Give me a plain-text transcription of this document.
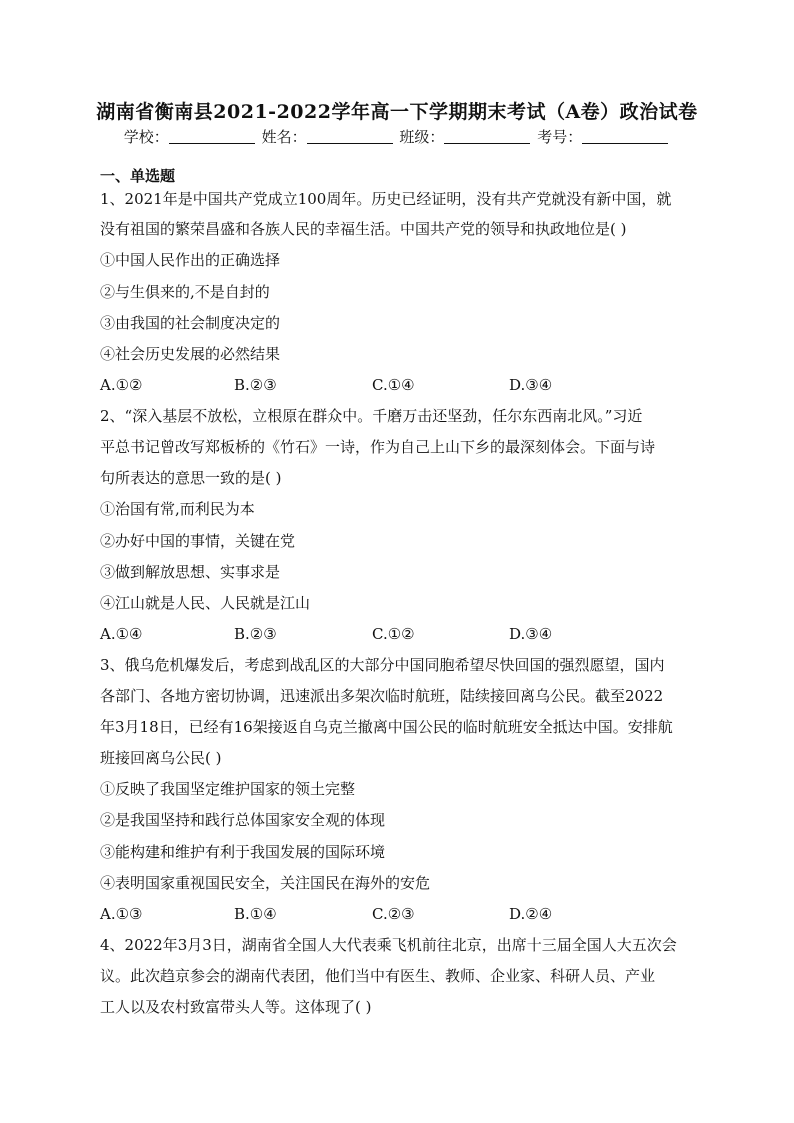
湖南省衡南县2021-2022学年高一下学期期末考试（A卷）政治试卷
学校：	姓名：	班级：	考号：
一、单选题
1、2021年是中国共产党成立100周年。历史已经证明，没有共产党就没有新中国，就
没有祖国的繁荣昌盛和各族人民的幸福生活。中国共产党的领导和执政地位是( )
①中国人民作出的正确选择
②与生俱来的,不是自封的
③由我国的社会制度决定的
④社会历史发展的必然结果
A.①②	B.②③	C.①④	D.③④
2、“深入基层不放松，立根原在群众中。千磨万击还坚劲，任尔东西南北风。”习近
平总书记曾改写郑板桥的《竹石》一诗，作为自己上山下乡的最深刻体会。下面与诗
句所表达的意思一致的是( )
①治国有常,而利民为本
②办好中国的事情，关键在党
③做到解放思想、实事求是
④江山就是人民、人民就是江山
A.①④	B.②③	C.①②	D.③④
3、俄乌危机爆发后，考虑到战乱区的大部分中国同胞希望尽快回国的强烈愿望，国内
各部门、各地方密切协调，迅速派出多架次临时航班，陆续接回离乌公民。截至2022
年3月18日，已经有16架接返自乌克兰撤离中国公民的临时航班安全抵达中国。安排航
班接回离乌公民( )
①反映了我国坚定维护国家的领土完整
②是我国坚持和践行总体国家安全观的体现
③能构建和维护有利于我国发展的国际环境
④表明国家重视国民安全，关注国民在海外的安危
A.①③	B.①④	C.②③	D.②④
4、2022年3月3日，湖南省全国人大代表乘飞机前往北京，出席十三届全国人大五次会
议。此次趋京参会的湖南代表团，他们当中有医生、教师、企业家、科研人员、产业
工人以及农村致富带头人等。这体现了( )
